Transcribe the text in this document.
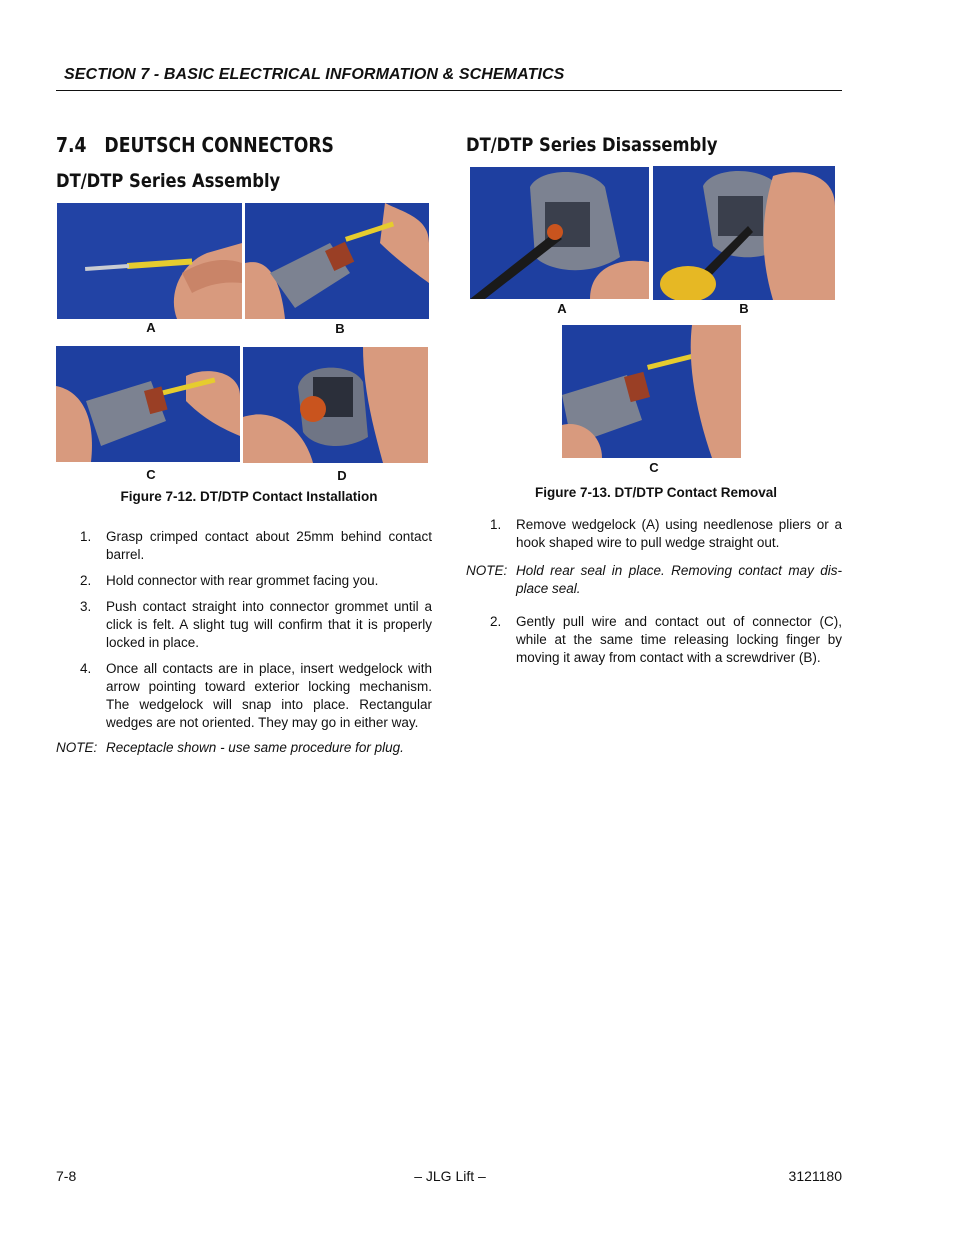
SECTION 7 - BASIC ELECTRICAL INFORMATION & SCHEMATICS
7.4   DEUTSCH CONNECTORS
DT/DTP Series Assembly
A	B
C	D
Figure 7-12. DT/DTP Contact Installation
1. Grasp crimped contact about 25mm behind contact barrel.
2. Hold connector with rear grommet facing you.
3. Push contact straight into connector grommet until a click is felt. A slight tug will confirm that it is properly locked in place.
4. Once all contacts are in place, insert wedgelock with arrow pointing toward exterior locking mechanism. The wedgelock will snap into place. Rectangular wedges are not oriented. They may go in either way.
NOTE: Receptacle shown - use same procedure for plug.
DT/DTP Series Disassembly
A	B
C
Figure 7-13. DT/DTP Contact Removal
1. Remove wedgelock (A) using needlenose pliers or a hook shaped wire to pull wedge straight out.
NOTE: Hold rear seal in place. Removing contact may dis-place seal.
2. Gently pull wire and contact out of connector (C), while at the same time releasing locking finger by moving it away from contact with a screwdriver (B).
7-8	– JLG Lift –	3121180
